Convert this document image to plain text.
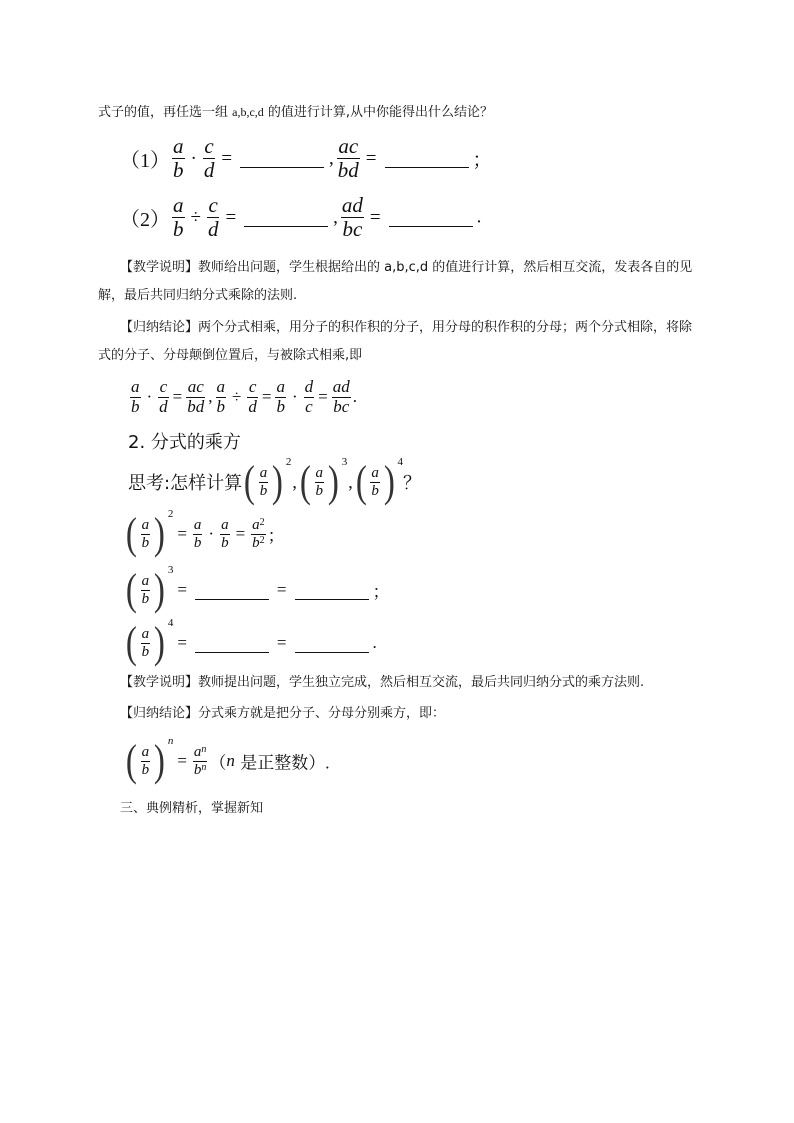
式子的值，再任选一组 a,b,c,d 的值进行计算,从中你能得出什么结论？
$(1) \frac{a}{b} \cdot \frac{c}{d}$ =	, $\frac{ac}{bd}$ =	；
$(2) \frac{a}{b} \div \frac{c}{d}$ =	, $\frac{ad}{bc}$ =	.
【教学说明】教师给出问题，学生根据给出的 a,b,c,d 的值进行计算，然后相互交流，发表各自的见解，最后共同归纳分式乘除的法则.
【归纳结论】两个分式相乘，用分子的积作积的分子，用分母的积作积的分母；两个分式相除，将除式的分子、分母颠倒位置后，与被除式相乘,即
$\frac{a}{b} \cdot \frac{c}{d} = \frac{ac}{bd}$ , $\frac{a}{b} \div \frac{c}{d} = \frac{a}{b} \cdot \frac{d}{c} = \frac{ad}{bc}$ .
2. 分式的乘方
思考:怎样计算 ( $\frac{a}{b}$ ) $^2$, ( $\frac{a}{b}$ ) $^3$, ( $\frac{a}{b}$ ) $^4$？
( $\frac{a}{b}$ ) $^2= \frac{a}{b} \cdot \frac{a}{b} = \frac{a^2}{b^2}$ ；
( $\frac{a}{b}$ ) $^3$=	=	；
( $\frac{a}{b}$ ) $^4$=	=	.
【教学说明】教师提出问题，学生独立完成，然后相互交流，最后共同归纳分式的乘方法则.
【归纳结论】分式乘方就是把分子、分母分别乘方，即：
( $\frac{a}{b}$ ) $^n= \frac{a^n}{b^n} (n$ 是正整数）.
三、典例精析，掌握新知
